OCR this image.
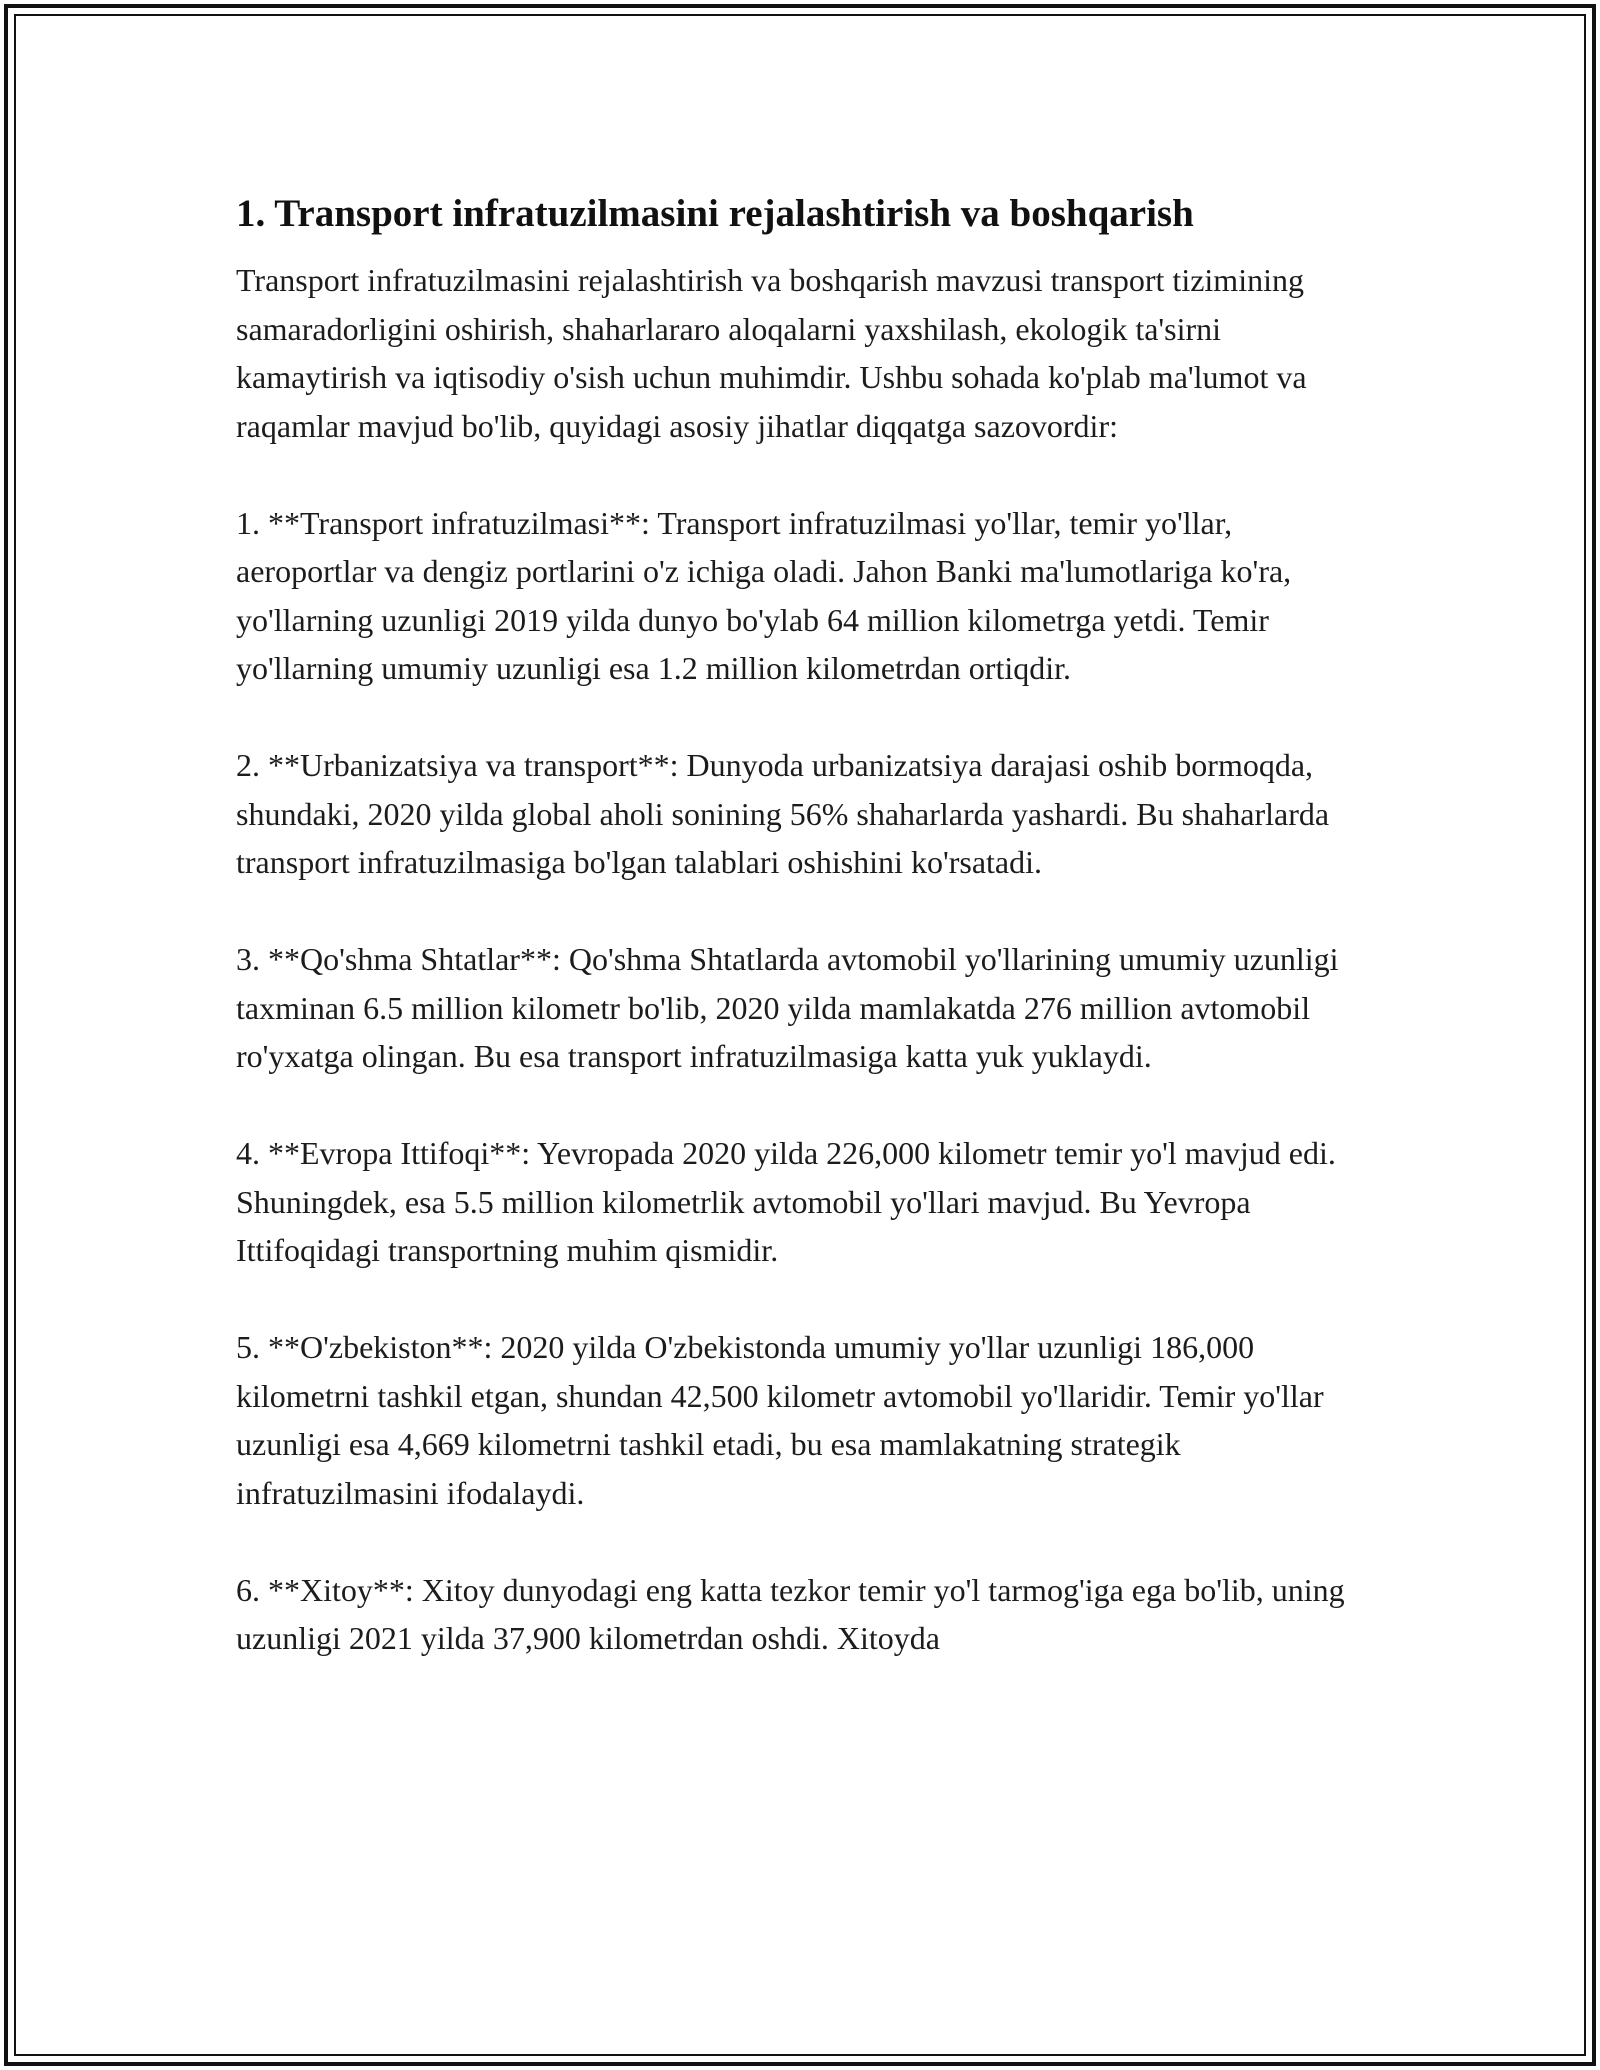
1. Transport infratuzilmasini rejalashtirish va boshqarish

Transport infratuzilmasini rejalashtirish va boshqarish mavzusi transport tizimining samaradorligini oshirish, shaharlararo aloqalarni yaxshilash, ekologik ta'sirni kamaytirish va iqtisodiy o'sish uchun muhimdir. Ushbu sohada ko'plab ma'lumot va raqamlar mavjud bo'lib, quyidagi asosiy jihatlar diqqatga sazovordir:

1. **Transport infratuzilmasi**: Transport infratuzilmasi yo'llar, temir yo'llar, aeroportlar va dengiz portlarini o'z ichiga oladi. Jahon Banki ma'lumotlariga ko'ra, yo'llarning uzunligi 2019 yilda dunyo bo'ylab 64 million kilometrga yetdi. Temir yo'llarning umumiy uzunligi esa 1.2 million kilometrdan ortiqdir.

2. **Urbanizatsiya va transport**: Dunyoda urbanizatsiya darajasi oshib bormoqda, shundaki, 2020 yilda global aholi sonining 56% shaharlarda yashardi. Bu shaharlarda transport infratuzilmasiga bo'lgan talablari oshishini ko'rsatadi.

3. **Qo'shma Shtatlar**: Qo'shma Shtatlarda avtomobil yo'llarining umumiy uzunligi taxminan 6.5 million kilometr bo'lib, 2020 yilda mamlakatda 276 million avtomobil ro'yxatga olingan. Bu esa transport infratuzilmasiga katta yuk yuklaydi.

4. **Evropa Ittifoqi**: Yevropada 2020 yilda 226,000 kilometr temir yo'l mavjud edi. Shuningdek, esa 5.5 million kilometrlik avtomobil yo'llari mavjud. Bu Yevropa Ittifoqidagi transportning muhim qismidir.

5. **O'zbekiston**: 2020 yilda O'zbekistonda umumiy yo'llar uzunligi 186,000 kilometrni tashkil etgan, shundan 42,500 kilometr avtomobil yo'llaridir. Temir yo'llar uzunligi esa 4,669 kilometrni tashkil etadi, bu esa mamlakatning strategik infratuzilmasini ifodalaydi.

6. **Xitoy**: Xitoy dunyodagi eng katta tezkor temir yo'l tarmog'iga ega bo'lib, uning uzunligi 2021 yilda 37,900 kilometrdan oshdi. Xitoyda
